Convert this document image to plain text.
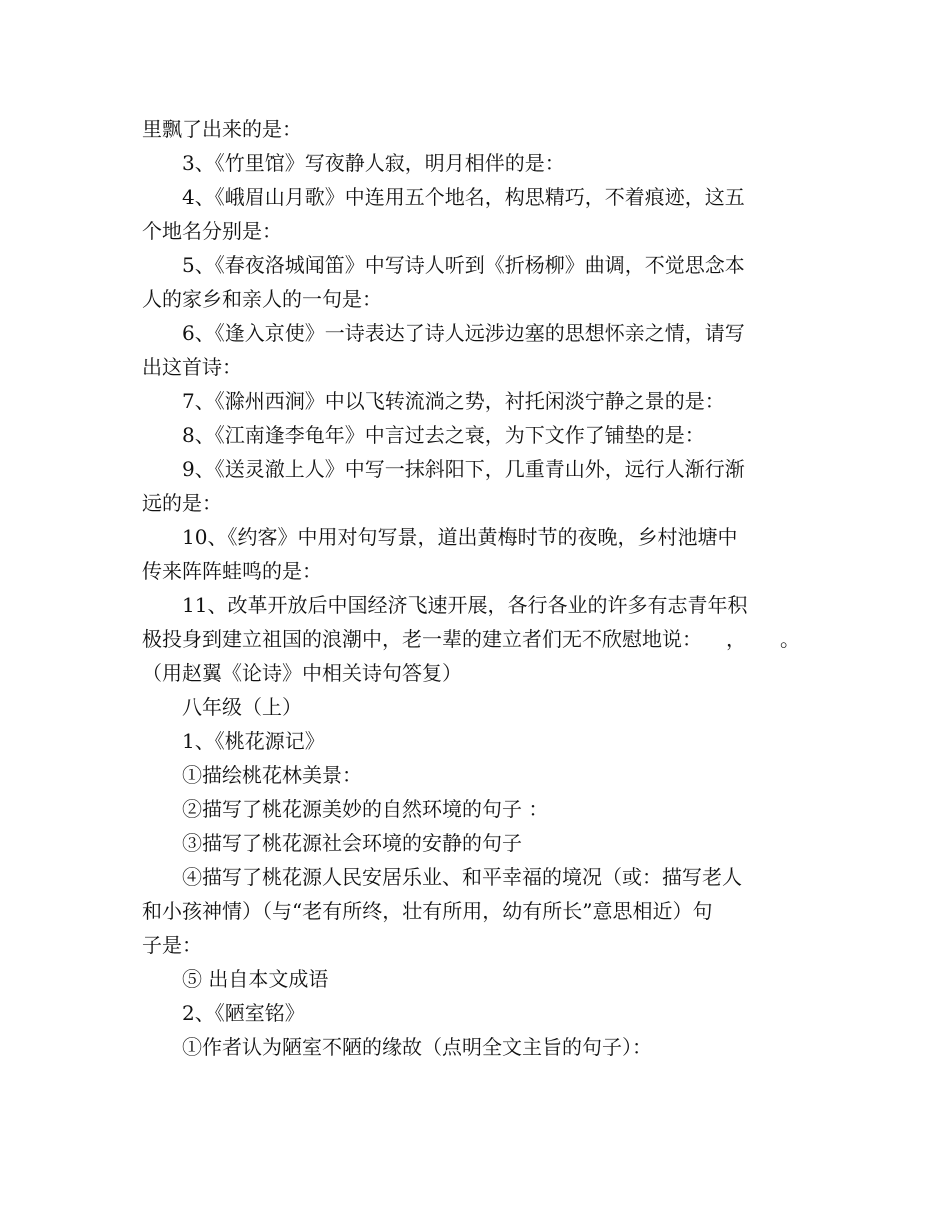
里飘了出来的是：
3、《竹里馆》写夜静人寂，明月相伴的是：
4、《峨眉山月歌》中连用五个地名，构思精巧，不着痕迹，这五
个地名分别是：
5、《春夜洛城闻笛》中写诗人听到《折杨柳》曲调，不觉思念本
人的家乡和亲人的一句是：
6、《逢入京使》一诗表达了诗人远涉边塞的思想怀亲之情，请写
出这首诗：
7、《滁州西涧》中以飞转流淌之势，衬托闲淡宁静之景的是：
8、《江南逢李龟年》中言过去之衰，为下文作了铺垫的是：
9、《送灵澈上人》中写一抹斜阳下，几重青山外，远行人渐行渐
远的是：
10、《约客》中用对句写景，道出黄梅时节的夜晚，乡村池塘中
传来阵阵蛙鸣的是：
11、改革开放后中国经济飞速开展，各行各业的许多有志青年积
极投身到建立祖国的浪潮中，老一辈的建立者们无不欣慰地说： ， 。
（用赵翼《论诗》中相关诗句答复）
八年级（上）
1、《桃花源记》
①描绘桃花林美景：
②描写了桃花源美妙的自然环境的句子 ：
③描写了桃花源社会环境的安静的句子
④描写了桃花源人民安居乐业、和平幸福的境况（或：描写老人
和小孩神情）（与“老有所终，壮有所用，幼有所长”意思相近）句
子是：
⑤ 出自本文成语
2、《陋室铭》
①作者认为陋室不陋的缘故（点明全文主旨的句子）：
